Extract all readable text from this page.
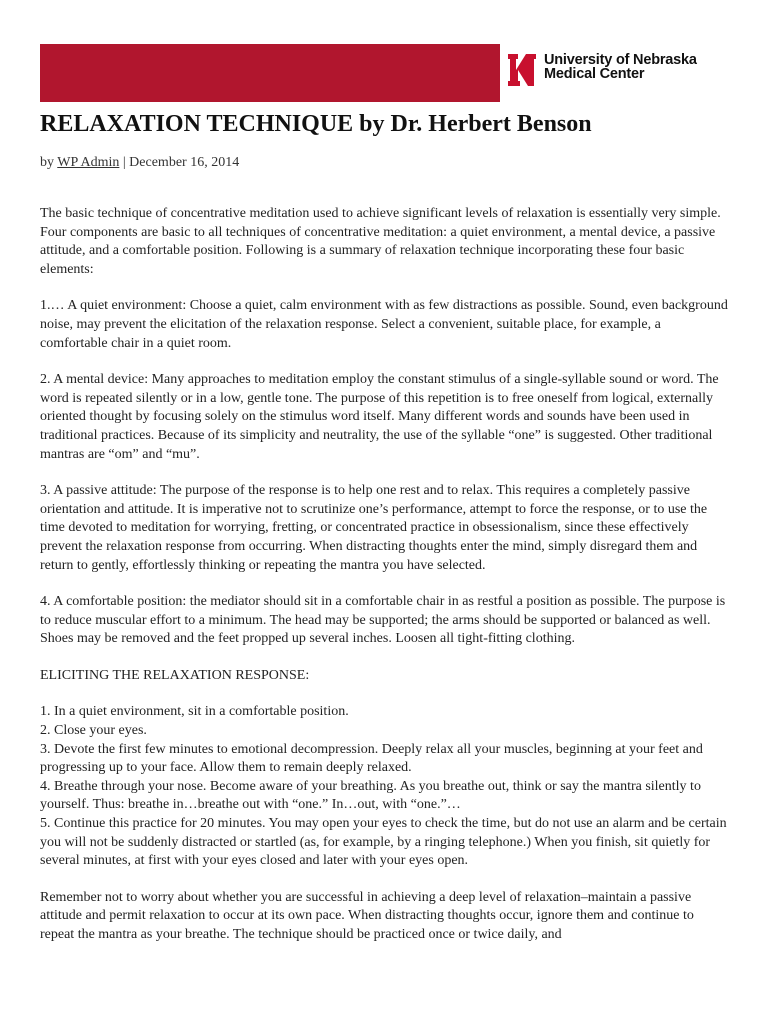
University of Nebraska
Medical Center
RELAXATION TECHNIQUE by Dr. Herbert Benson
by WP Admin | December 16, 2014

The basic technique of concentrative meditation used to achieve significant levels of relaxation is essentially very simple. Four components are basic to all techniques of concentrative meditation: a quiet environment, a mental device, a passive attitude, and a comfortable position. Following is a summary of relaxation technique incorporating these four basic elements:

1.… A quiet environment: Choose a quiet, calm environment with as few distractions as possible. Sound, even background noise, may prevent the elicitation of the relaxation response. Select a convenient, suitable place, for example, a comfortable chair in a quiet room.

2. A mental device: Many approaches to meditation employ the constant stimulus of a single-syllable sound or word. The word is repeated silently or in a low, gentle tone. The purpose of this repetition is to free oneself from logical, externally oriented thought by focusing solely on the stimulus word itself. Many different words and sounds have been used in traditional practices. Because of its simplicity and neutrality, the use of the syllable “one” is suggested. Other traditional mantras are “om” and “mu”.

3. A passive attitude: The purpose of the response is to help one rest and to relax. This requires a completely passive orientation and attitude. It is imperative not to scrutinize one’s performance, attempt to force the response, or to use the time devoted to meditation for worrying, fretting, or concentrated practice in obsessionalism, since these effectively prevent the relaxation response from occurring. When distracting thoughts enter the mind, simply disregard them and return to gently, effortlessly thinking or repeating the mantra you have selected.

4. A comfortable position: the mediator should sit in a comfortable chair in as restful a position as possible. The purpose is to reduce muscular effort to a minimum. The head may be supported; the arms should be supported or balanced as well. Shoes may be removed and the feet propped up several inches. Loosen all tight-fitting clothing.

ELICITING THE RELAXATION RESPONSE:

1. In a quiet environment, sit in a comfortable position.
2. Close your eyes.
3. Devote the first few minutes to emotional decompression. Deeply relax all your muscles, beginning at your feet and progressing up to your face. Allow them to remain deeply relaxed.
4. Breathe through your nose. Become aware of your breathing. As you breathe out, think or say the mantra silently to yourself. Thus: breathe in…breathe out with “one.” In…out, with “one.”…
5. Continue this practice for 20 minutes. You may open your eyes to check the time, but do not use an alarm and be certain you will not be suddenly distracted or startled (as, for example, by a ringing telephone.) When you finish, sit quietly for several minutes, at first with your eyes closed and later with your eyes open.

Remember not to worry about whether you are successful in achieving a deep level of relaxation–maintain a passive attitude and permit relaxation to occur at its own pace. When distracting thoughts occur, ignore them and continue to repeat the mantra as your breathe. The technique should be practiced once or twice daily, and
